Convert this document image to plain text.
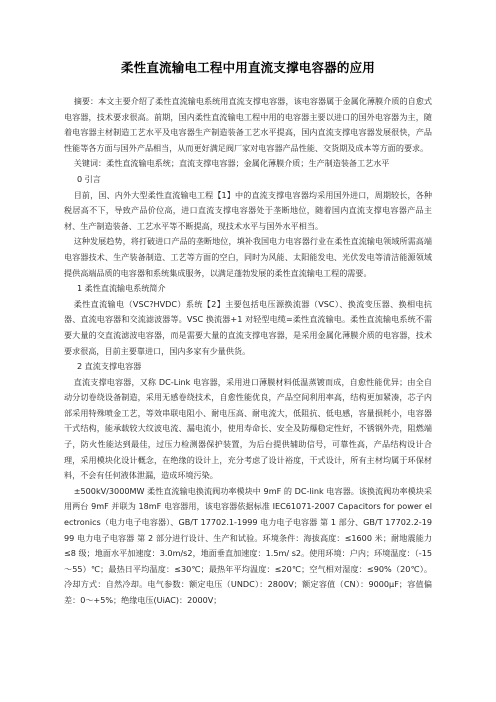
柔性直流输电工程中用直流支撑电容器的应用

摘要：本文主要介绍了柔性直流输电系统用直流支撑电容器，该电容器属于金属化薄膜介质的自愈式电容器，技术要求很高。前期，国内柔性直流输电工程中用的电容器主要以进口的国外电容器为主，随着电容器主材制造工艺水平及电容器生产制造装备工艺水平提高，国内直流支撑电容器发展很快，产品性能等各方面与国外产品相当，从而更好满足阀厂家对电容器产品性能、交货期及成本等方面的要求。

关键词：柔性直流输电系统；直流支撑电容器；金属化薄膜介质；生产制造装备工艺水平

0 引言

目前，国、内外大型柔性直流输电工程【1】中的直流支撑电容器均采用国外进口，周期较长，各种税居高不下，导致产品价位高，进口直流支撑电容器处于垄断地位，随着国内直流支撑电容器产品主材、生产制造装备、工艺水平等不断提高，现技术水平与国外水平相当。

这种发展趋势，将打破进口产品的垄断地位，填补我国电力电容器行业在柔性直流输电领域所需高端电容器技术、生产装备制造、工艺等方面的空白，同时为风能、太阳能发电、光伏发电等清洁能源领域提供高端品质的电容器和系统集成服务，以满足蓬勃发展的柔性直流输电工程的需要。

1 柔性直流输电系统简介

柔性直流输电（VSC?HVDC）系统【2】主要包括电压源换流器（VSC）、换流变压器、换相电抗器、直流电容器和交流滤波器等。VSC 换流器+1 对轻型电缆=柔性直流输电。柔性直流输电系统不需要大量的交直流滤波电容器，而是需要大量的直流支撑电容器，是采用金属化薄膜介质的电容器，技术要求很高，目前主要靠进口，国内多家有少量供货。

2 直流支撑电容器

直流支撑电容器，又称 DC-Link 电容器，采用进口薄膜材料低温蒸镀而成，自愈性能优异；由全自动分切卷绕设备制造，采用无感卷绕技术，自愈性能优良，产品空间利用率高，结构更加紧凑，芯子内部采用特殊喷金工艺，等效串联电阻小、耐电压高、耐电流大，低阻抗、低电感，容量损耗小，电容器干式结构，能承载较大纹波电流、漏电流小，使用寿命长、安全及防爆稳定性好，不锈钢外壳，阻燃端子，防火性能达到最佳，过压力检测器保护装置，为后台提供辅助信号，可靠性高，产品结构设计合理，采用模块化设计概念，在绝缘的设计上，充分考虑了设计裕度，干式设计，所有主材均属于环保材料，不会有任何液体泄漏，造成环境污染。

±500kV/3000MW 柔性直流输电换流阀功率模块中 9mF 的 DC-link 电容器。该换流阀功率模块采用两台 9mF 并联为 18mF 电容器用，该电容器依据标准 IEC61071-2007 Capacitors for power electronics（电力电子电容器）、GB/T 17702.1-1999 电力电子电容器 第 1 部分、GB/T 17702.2-1999 电力电子电容器 第 2 部分进行设计、生产和试验。环境条件：海拔高度：≤1600 米；耐地震能力≤8 级；地面水平加速度：3.0m/s2，地面垂直加速度：1.5m/ s2。使用环境：户内；环境温度：（-15～55）℃；最热日平均温度：≤30℃；最热年平均温度：≤20℃；空气相对湿度：≤90%（20℃）。冷却方式：自然冷却。电气参数：额定电压（UNDC）：2800V；额定容值（CN）：9000μF；容值偏差：0～+5%；绝缘电压(UiAC)：2000V；
